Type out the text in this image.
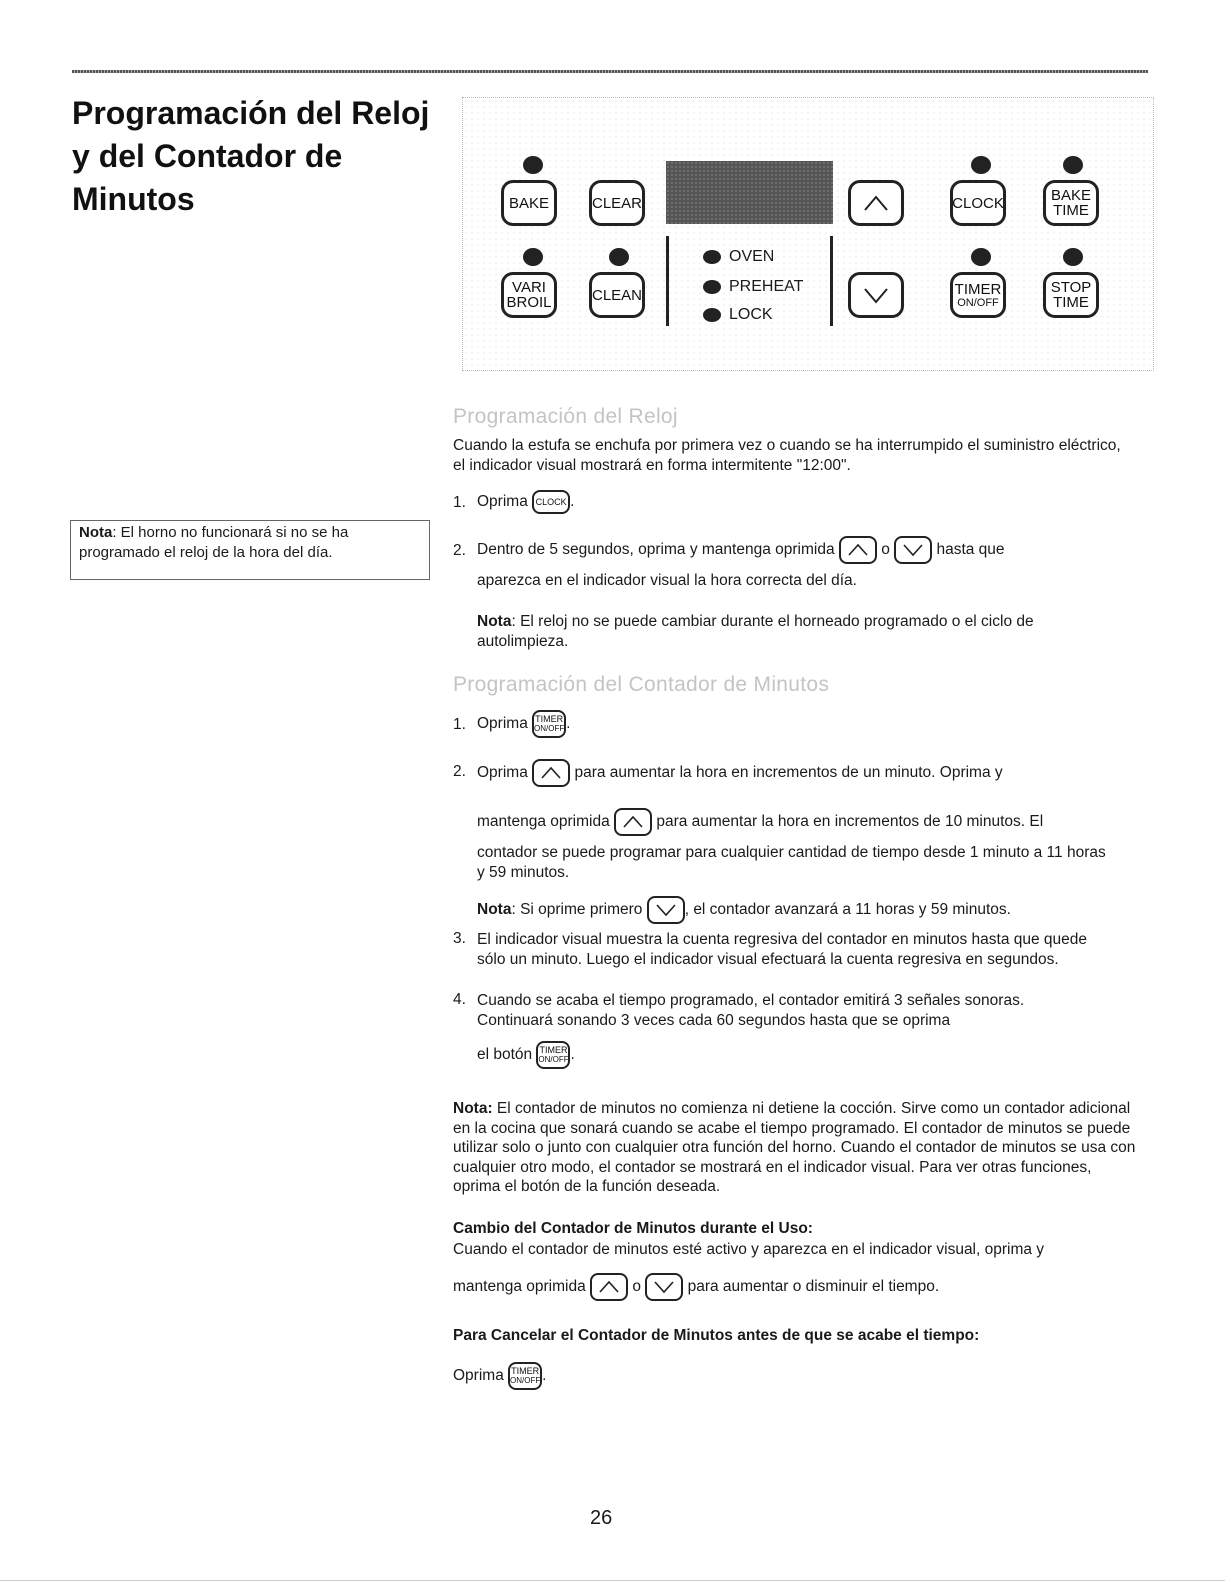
Programación del Reloj
y del Contador de
Minutos
Nota: El horno no funcionará si no se ha programado el reloj de la hora del día.
BAKE	CLEAR	CLOCK	BAKE
TIME
VARI
BROIL	CLEAN
OVEN
PREHEAT
LOCK
TIMER
ON/OFF
STOP
TIME
Programación del Reloj

Cuando la estufa se enchufa por primera vez o cuando se ha interrumpido el suministro eléctrico, el indicador visual mostrará en forma intermitente "12:00".

1. Oprima CLOCK .

2. Dentro de 5 segundos, oprima y mantenga oprimida	o	hasta que

aparezca en el indicador visual la hora correcta del día.

Nota: El reloj no se puede cambiar durante el horneado programado o el ciclo de autolimpieza.

Programación del Contador de Minutos
1. Oprima TIMER
ON/OFF .

2. Oprima	para aumentar la hora en incrementos de un minuto. Oprima y

mantenga oprimida	para aumentar la hora en incrementos de 10 minutos. El

contador se puede programar para cualquier cantidad de tiempo desde 1 minuto a 11 horas y 59 minutos.

Nota: Si oprime primero	, el contador avanzará a 11 horas y 59 minutos.

3. El indicador visual muestra la cuenta regresiva del contador en minutos hasta que quede sólo un minuto. Luego el indicador visual efectuará la cuenta regresiva en segundos.

4. Cuando se acaba el tiempo programado, el contador emitirá 3 señales sonoras. Continuará sonando 3 veces cada 60 segundos hasta que se oprima

el botón TIMER
ON/OFF .

Nota: El contador de minutos no comienza ni detiene la cocción. Sirve como un contador adicional en la cocina que sonará cuando se acabe el tiempo programado. El contador de minutos se puede utilizar solo o junto con cualquier otra función del horno. Cuando el contador de minutos se usa con cualquier otro modo, el contador se mostrará en el indicador visual. Para ver otras funciones, oprima el botón de la función deseada.

Cambio del Contador de Minutos durante el Uso:

Cuando el contador de minutos esté activo y aparezca en el indicador visual, oprima y

mantenga oprimida	o	para aumentar o disminuir el tiempo.

Para Cancelar el Contador de Minutos antes de que se acabe el tiempo:

Oprima TIMER
ON/OFF .

26
